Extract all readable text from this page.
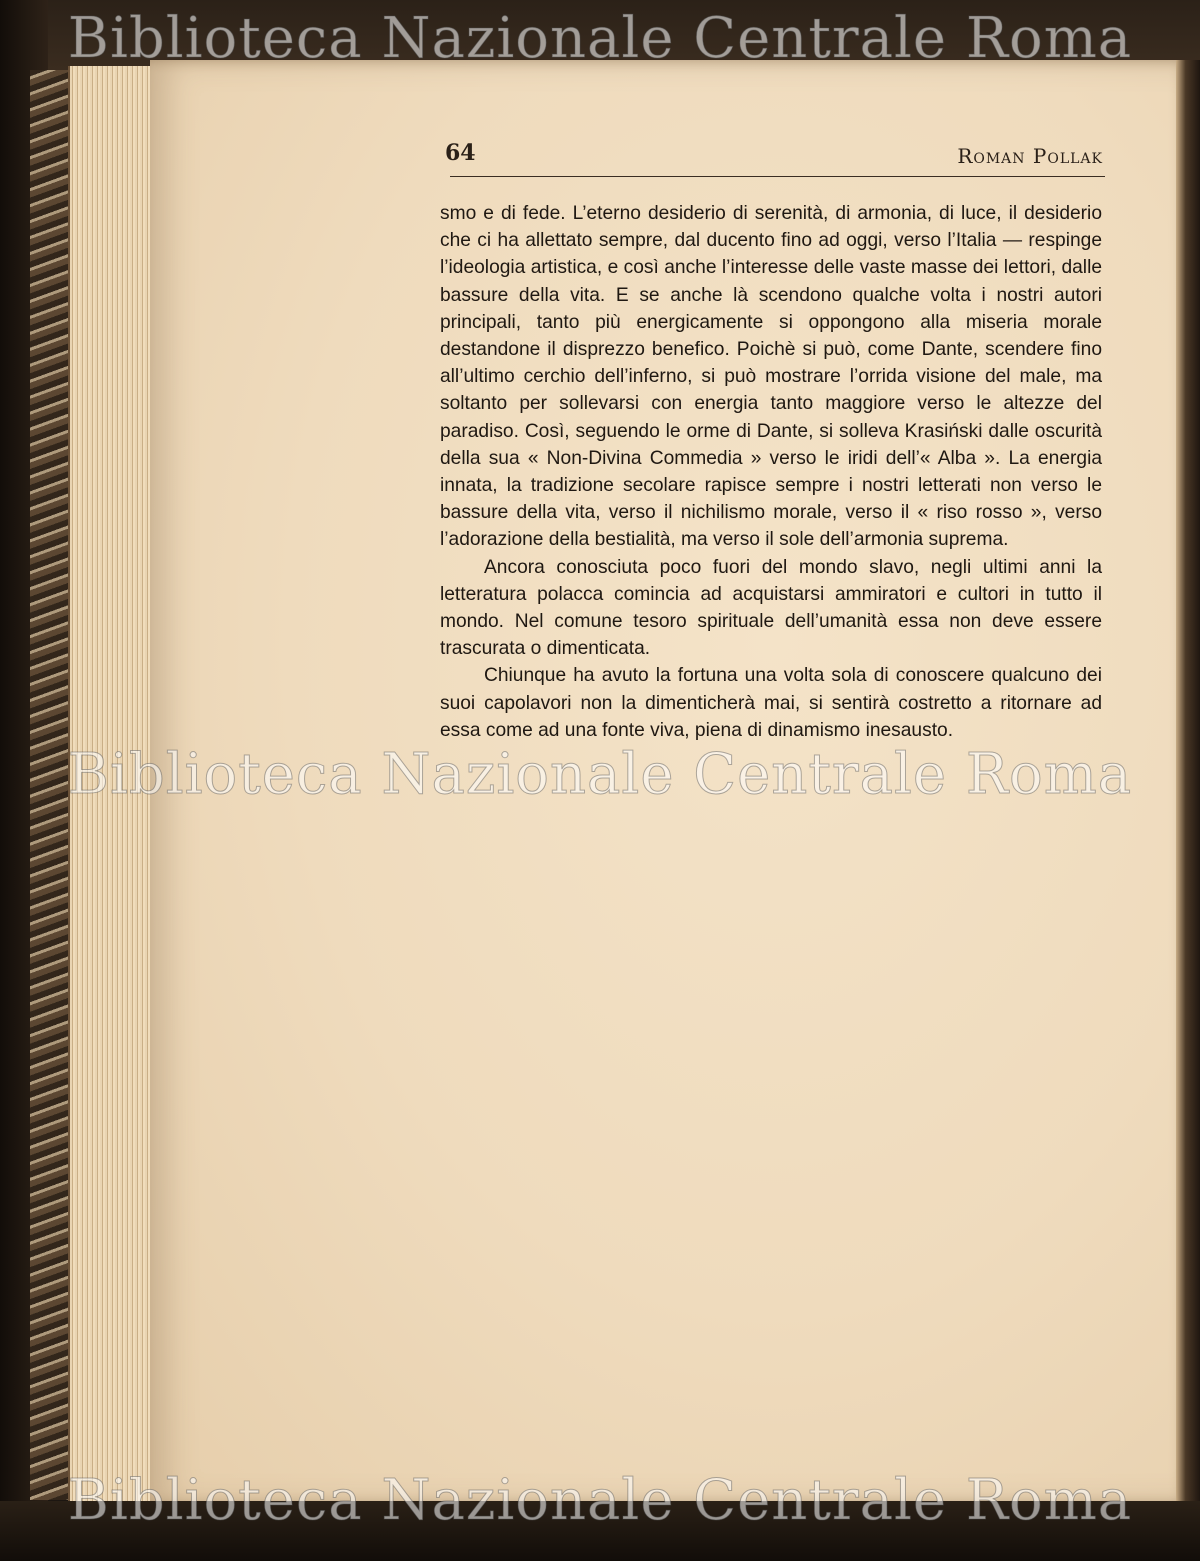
64	Roman Pollak

smo e di fede. L’eterno desiderio di serenità, di armonia, di luce, il desiderio che ci ha allettato sempre, dal ducento fino ad oggi, verso l’Italia — respinge l’ideologia artistica, e così anche l’interesse delle vaste masse dei lettori, dalle bassure della vita. E se anche là scendono qualche volta i nostri autori principali, tanto più energicamente si oppongono alla miseria morale destandone il disprezzo benefico. Poichè si può, come Dante, scendere fino all’ultimo cerchio dell’inferno, si può mostrare l’orrida visione del male, ma soltanto per sollevarsi con energia tanto maggiore verso le altezze del paradiso. Così, seguendo le orme di Dante, si solleva Krasiński dalle oscurità della sua « Non-Divina Commedia » verso le iridi dell’« Alba ». La energia innata, la tradizione secolare rapisce sempre i nostri letterati non verso le bassure della vita, verso il nichilismo morale, verso il « riso rosso », verso l’adorazione della bestialità, ma verso il sole dell’armonia suprema.

Ancora conosciuta poco fuori del mondo slavo, negli ultimi anni la letteratura polacca comincia ad acquistarsi ammiratori e cultori in tutto il mondo. Nel comune tesoro spirituale dell’umanità essa non deve essere trascurata o dimenticata.

Chiunque ha avuto la fortuna una volta sola di conoscere qualcuno dei suoi capolavori non la dimenticherà mai, si sentirà costretto a ritornare ad essa come ad una fonte viva, piena di dinamismo inesausto.

Biblioteca Nazionale Centrale Roma
Biblioteca Nazionale Centrale Roma
Biblioteca Nazionale Centrale Roma
